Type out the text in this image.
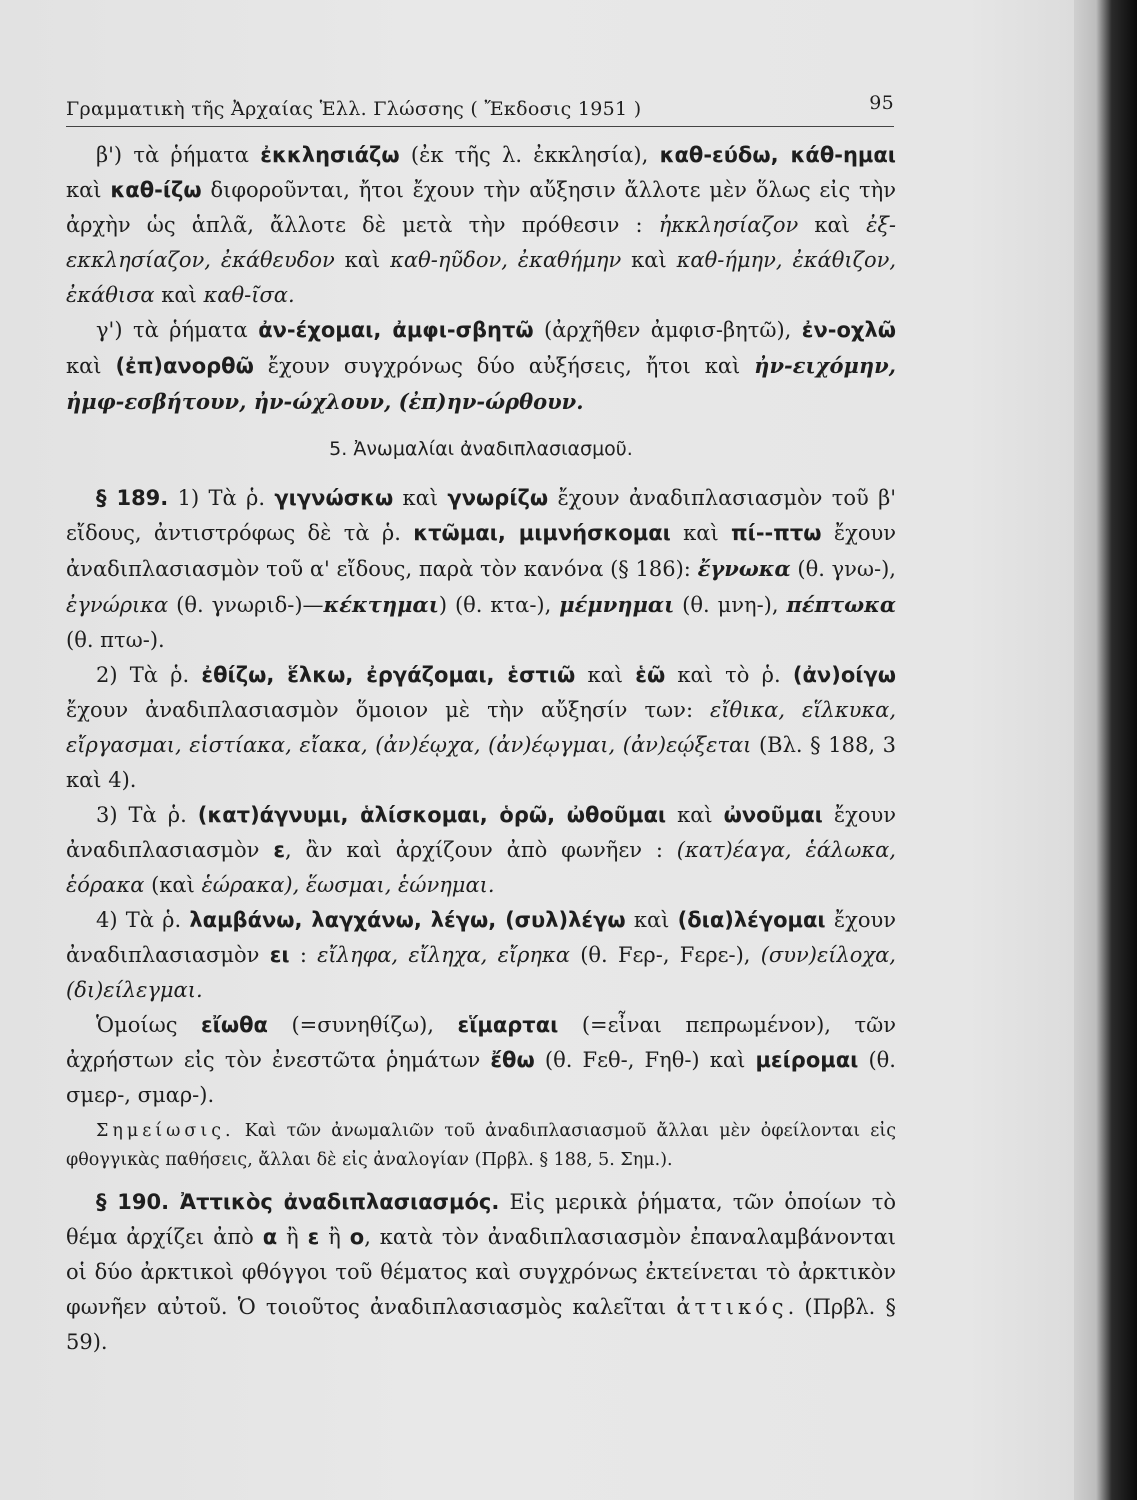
Γραμματικὴ τῆς Ἀρχαίας Ἑλλ. Γλώσσης ( Ἔκδοσις 1951 )	95

β') τὰ ῥήματα ἐκκλησιάζω (ἐκ τῆς λ. ἐκκλησία), καθ-εύδω, κάθ-ημαι καὶ καθ-ίζω διφοροῦνται, ἤτοι ἔχουν τὴν αὔξησιν ἄλλοτε μὲν ὅλως εἰς τὴν ἀρχὴν ὡς ἁπλᾶ, ἄλλοτε δὲ μετὰ τὴν πρόθεσιν : ἠκκλησίαζον καὶ ἐξ-εκκλησίαζον, ἐκάθευδον καὶ καθ-ηῦδον, ἐκαθήμην καὶ καθ-ήμην, ἐκάθιζον, ἐκάθισα καὶ καθ-ῖσα.

γ') τὰ ῥήματα ἀν-έχομαι, ἀμφι-σβητῶ (ἀρχῆθεν ἀμφισ-βητῶ), ἐν-οχλῶ καὶ (ἐπ)ανορθῶ ἔχουν συγχρόνως δύο αὐξήσεις, ἤτοι καὶ ἠν-ειχόμην, ἠμφ-εσβήτουν, ἠν-ώχλουν, (ἐπ)ην-ώρθουν.

5. Ἀνωμαλίαι ἀναδιπλασιασμοῦ.

§ 189. 1) Τὰ ῥ. γιγνώσκω καὶ γνωρίζω ἔχουν ἀναδιπλασιασμὸν τοῦ β' εἴδους, ἀντιστρόφως δὲ τὰ ῥ. κτῶμαι, μιμνήσκομαι καὶ πί--πτω ἔχουν ἀναδιπλασιασμὸν τοῦ α' εἴδους, παρὰ τὸν κανόνα (§ 186): ἔγνωκα (θ. γνω-), ἐγνώρικα (θ. γνωριδ-)—κέκτημαι) (θ. κτα-), μέμνημαι (θ. μνη-), πέπτωκα (θ. πτω-).

2) Τὰ ῥ. ἐθίζω, ἕλκω, ἐργάζομαι, ἑστιῶ καὶ ἑῶ καὶ τὸ ῥ. (ἀν)οίγω ἔχουν ἀναδιπλασιασμὸν ὅμοιον μὲ τὴν αὔξησίν των: εἴθικα, εἵλκυκα, εἴργασμαι, εἱστίακα, εἴακα, (ἀν)έῳχα, (ἀν)έῳγμαι, (ἀν)εῴξεται (Βλ. § 188, 3 καὶ 4).

3) Τὰ ῥ. (κατ)άγνυμι, ἁλίσκομαι, ὁρῶ, ὠθοῦμαι καὶ ὠνοῦμαι ἔχουν ἀναδιπλασιασμὸν ε, ἂν καὶ ἀρχίζουν ἀπὸ φωνῆεν : (κατ)έαγα, ἑάλωκα, ἑόρακα (καὶ ἑώρακα), ἕωσμαι, ἑώνημαι.

4) Τὰ ῥ. λαμβάνω, λαγχάνω, λέγω, (συλ)λέγω καὶ (δια)λέγομαι ἔχουν ἀναδιπλασιασμὸν ει : εἴληφα, εἴληχα, εἴρηκα (θ. Fερ-, Fερε-), (συν)είλοχα, (δι)είλεγμαι.

Ὁμοίως εἴωθα (=συνηθίζω), εἵμαρται (=εἶναι πεπρωμένον), τῶν ἀχρήστων εἰς τὸν ἐνεστῶτα ῥημάτων ἔθω (θ. Fεθ-, Fηθ-) καὶ μείρομαι (θ. σμερ-, σμαρ-).

Σημείωσις. Καὶ τῶν ἀνωμαλιῶν τοῦ ἀναδιπλασιασμοῦ ἄλλαι μὲν ὀφείλονται εἰς φθογγικὰς παθήσεις, ἄλλαι δὲ εἰς ἀναλογίαν (Πρβλ. § 188, 5. Σημ.).

§ 190. Ἀττικὸς ἀναδιπλασιασμός. Εἰς μερικὰ ῥήματα, τῶν ὁποίων τὸ θέμα ἀρχίζει ἀπὸ α ἢ ε ἢ ο, κατὰ τὸν ἀναδιπλασιασμὸν ἐπαναλαμβάνονται οἱ δύο ἀρκτικοὶ φθόγγοι τοῦ θέματος καὶ συγχρόνως ἐκτείνεται τὸ ἀρκτικὸν φωνῆεν αὐτοῦ. Ὁ τοιοῦτος ἀναδιπλασιασμὸς καλεῖται ἀττικός. (Πρβλ. § 59).
